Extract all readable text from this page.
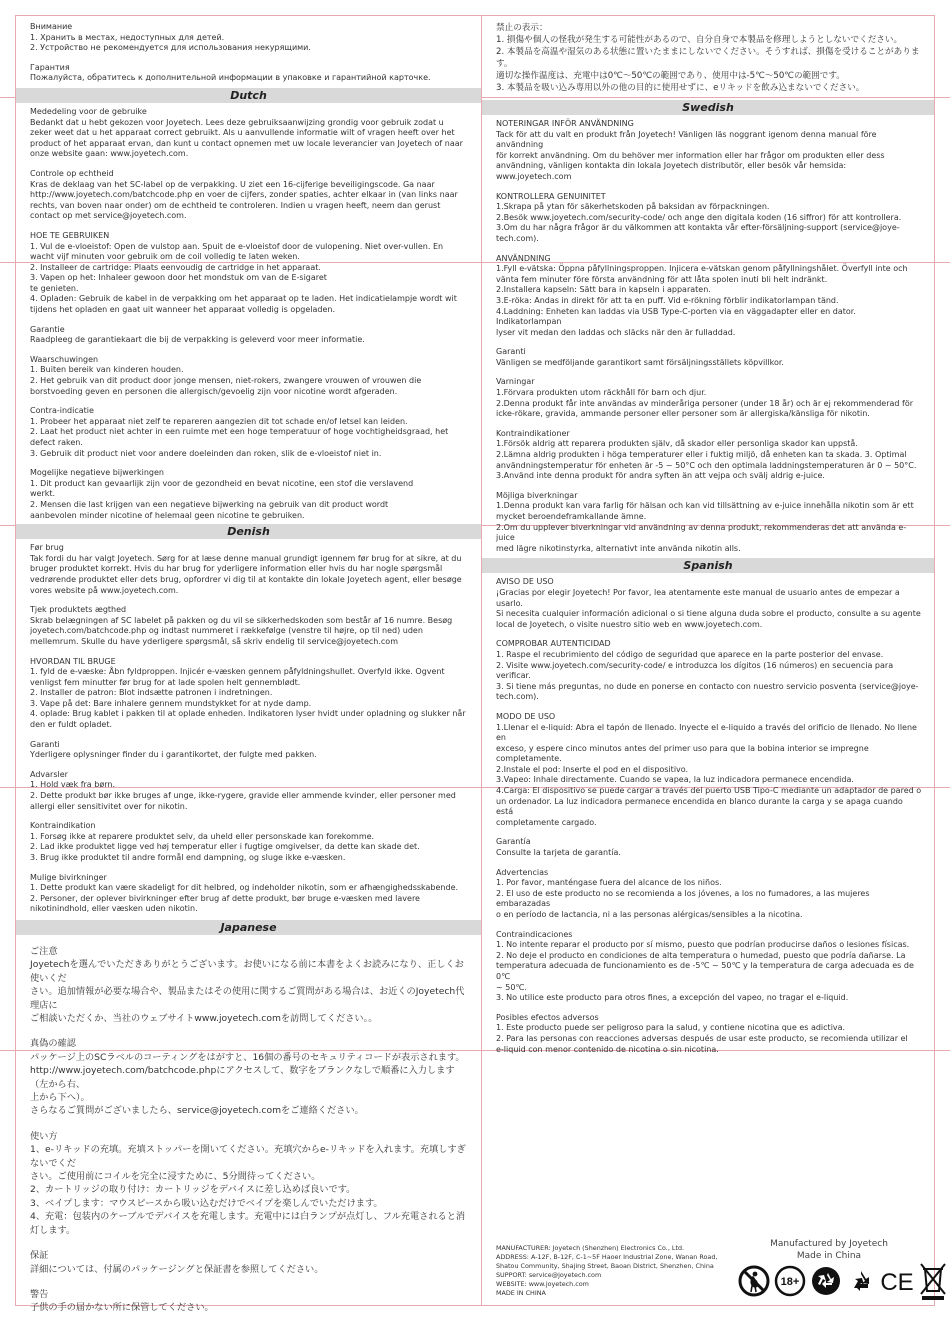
Внимание
1. Хранить в местах, недоступных для детей.
2. Устройство не рекомендуется для использования некурящими.
Гарантия
Пожалуйста, обратитесь к дополнительной информации в упаковке и гарантийной карточке.
Dutch
Mededeling voor de gebruike
Bedankt dat u hebt gekozen voor Joyetech. Lees deze gebruiksaanwijzing grondig voor gebruik zodat u
zeker weet dat u het apparaat correct gebruikt. Als u aanvullende informatie wilt of vragen heeft over het
product of het apparaat ervan, dan kunt u contact opnemen met uw locale leverancier van Joyetech of naar
onze website gaan: www.joyetech.com.
Controle op echtheid
Kras de deklaag van het SC-label op de verpakking. U ziet een 16-cijferige beveiligingscode. Ga naar
http://www.joyetech.com/batchcode.php en voer de cijfers, zonder spaties, achter elkaar in (van links naar
rechts, van boven naar onder) om de echtheid te controleren. Indien u vragen heeft, neem dan gerust
contact op met service@joyetech.com.
HOE TE GEBRUIKEN
1. Vul de e-vloeistof: Open de vulstop aan. Spuit de e-vloeistof door de vulopening. Niet over-vullen. En
wacht vijf minuten voor gebruik om de coil volledig te laten weken.
2. Installeer de cartridge: Plaats eenvoudig de cartridge in het apparaat.
3. Vapen op het: Inhaleer gewoon door het mondstuk om van de E-sigaret
te genieten.
4. Opladen: Gebruik de kabel in de verpakking om het apparaat op te laden. Het indicatielampje wordt wit
tijdens het opladen en gaat uit wanneer het apparaat volledig is opgeladen.
Garantie
Raadpleeg de garantiekaart die bij de verpakking is geleverd voor meer informatie.
Waarschuwingen
1. Buiten bereik van kinderen houden.
2. Het gebruik van dit product door jonge mensen, niet-rokers, zwangere vrouwen of vrouwen die
borstvoeding geven en personen die allergisch/gevoelig zijn voor nicotine wordt afgeraden.
Contra-indicatie
1. Probeer het apparaat niet zelf te repareren aangezien dit tot schade en/of letsel kan leiden.
2. Laat het product niet achter in een ruimte met een hoge temperatuur of hoge vochtigheidsgraad, het
defect raken.
3. Gebruik dit product niet voor andere doeleinden dan roken, slik de e-vloeistof niet in.
Mogelijke negatieve bijwerkingen
1. Dit product kan gevaarlijk zijn voor de gezondheid en bevat nicotine, een stof die verslavend
werkt.
2. Mensen die last krijgen van een negatieve bijwerking na gebruik van dit product wordt
aanbevolen minder nicotine of helemaal geen nicotine te gebruiken.
Denish
Før brug
Tak fordi du har valgt Joyetech. Sørg for at læse denne manual grundigt igennem før brug for at sikre, at du
bruger produktet korrekt. Hvis du har brug for yderligere information eller hvis du har nogle spørgsmål
vedrørende produktet eller dets brug, opfordrer vi dig til at kontakte din lokale Joyetech agent, eller besøge
vores website på www.joyetech.com.
Tjek produktets ægthed
Skrab belægningen af SC labelet på pakken og du vil se sikkerhedskoden som består af 16 numre. Besøg
joyetech.com/batchcode.php og indtast nummeret i rækkefølge (venstre til højre, op til ned) uden
mellemrum. Skulle du have yderligere spørgsmål, så skriv endelig til service@joyetech.com
HVORDAN TIL BRUGE
1. fyld de e-væske: Åbn fyldproppen. Injicér e-væsken gennem påfyldningshullet. Overfyld ikke. Ogvent
venligst fem minutter før brug for at lade spolen helt gennemblødt.
2. Installer de patron: Blot indsætte patronen i indretningen.
3. Vape på det: Bare inhalere gennem mundstykket for at nyde damp.
4. oplade: Brug kablet i pakken til at oplade enheden. Indikatoren lyser hvidt under opladning og slukker når
den er fuldt opladet.
Garanti
Yderligere oplysninger finder du i garantikortet, der fulgte med pakken.
Advarsler
1. Hold væk fra børn.
2. Dette produkt bør ikke bruges af unge, ikke-rygere, gravide eller ammende kvinder, eller personer med
allergi eller sensitivitet over for nikotin.
Kontraindikation
1. Forsøg ikke at reparere produktet selv, da uheld eller personskade kan forekomme.
2. Lad ikke produktet ligge ved høj temperatur eller i fugtige omgivelser, da dette kan skade det.
3. Brug ikke produktet til andre formål end dampning, og sluge ikke e-væsken.
Mulige bivirkninger
1. Dette produkt kan være skadeligt for dit helbred, og indeholder nikotin, som er afhængighedsskabende.
2. Personer, der oplever bivirkninger efter brug af dette produkt, bør bruge e-væsken med lavere
nikotinindhold, eller væsken uden nikotin.
Japanese
ご注意
Joyetechを選んでいただきありがとうございます。お使いになる前に本書をよくお読みになり、正しくお使いくだ
さい。追加情報が必要な場合や、製品またはその使用に関するご質問がある場合は、お近くのJoyetech代理店に
ご相談いただくか、当社のウェブサイトwww.joyetech.comを訪問してください。。
真偽の確認
パッケージ上のSCラベルのコーティングをはがすと、16個の番号のセキュリティコードが表示されます。
http://www.joyetech.com/batchcode.phpにアクセスして、数字をブランクなしで順番に入力します（左から右、
上から下へ）。
さらなるご質問がございましたら、service@joyetech.comをご連絡ください。
使い方
1、e-リキッドの充填。充填ストッパーを開いてください。充填穴からe-リキッドを入れます。充填しすぎないでくだ
さい。ご使用前にコイルを完全に浸すために、5分間待ってください。
2、カートリッジの取り付け：カートリッジをデバイスに差し込めば良いです。
3、ベイプします：マウスピースから吸い込むだけでベイプを楽しんでいただけます。
4、充電：包装内のケーブルでデバイスを充電します。充電中には白ランプが点灯し、フル充電されると消灯します。
保証
詳細については、付属のパッケージングと保証書を参照してください。
警告
子供の手の届かない所に保管してください。
禁止の表示：
1. 損傷や個人の怪我が発生する可能性があるので、自分自身で本製品を修理しようとしないでください。
2. 本製品を高温や湿気のある状態に置いたままにしないでください。そうすれば、損傷を受けることがあります。
適切な操作温度は、充電中は0℃～50℃の範囲であり、使用中は-5℃～50℃の範囲です。
3. 本製品を吸い込み専用以外の他の目的に使用せずに、eリキッドを飲み込まないでください。
Swedish
NOTERINGAR INFÖR ANVÄNDNING
Tack för att du valt en produkt från Joyetech! Vänligen läs noggrant igenom denna manual före användning
för korrekt användning. Om du behöver mer information eller har frågor om produkten eller dess
användning, vänligen kontakta din lokala Joyetech distributör, eller besök vår hemsida: www.joyetech.com
KONTROLLERA GENUINITET
1.Skrapa på ytan för säkerhetskoden på baksidan av förpackningen.
2.Besök www.joyetech.com/security-code/ och ange den digitala koden (16 siffror) för att kontrollera.
3.Om du har några frågor är du välkommen att kontakta vår efter-försäljning-support (service@joye-
tech.com).
ANVÄNDNING
1.Fyll e-vätska: Öppna påfyllningsproppen. Injicera e-vätskan genom påfyllningshålet. Överfyll inte och
vänta fem minuter före första användning för att låta spolen inuti bli helt indränkt.
2.Installera kapseln: Sätt bara in kapseln i apparaten.
3.E-röka: Andas in direkt för att ta en puff. Vid e-rökning förblir indikatorlampan tänd.
4.Laddning: Enheten kan laddas via USB Type-C-porten via en väggadapter eller en dator. Indikatorlampan
lyser vit medan den laddas och släcks när den är fulladdad.
Garanti
Vänligen se medföljande garantikort samt försäljningsställets köpvillkor.
Varningar
1.Förvara produkten utom räckhåll för barn och djur.
2.Denna produkt får inte användas av minderåriga personer (under 18 år) och är ej rekommenderad för
icke-rökare, gravida, ammande personer eller personer som är allergiska/känsliga för nikotin.
Kontraindikationer
1.Försök aldrig att reparera produkten själv, då skador eller personliga skador kan uppstå.
2.Lämna aldrig produkten i höga temperaturer eller i fuktig miljö, då enheten kan ta skada. 3. Optimal
användningstemperatur för enheten är -5 ~ 50°C och den optimala laddningstemperaturen är 0 ~ 50°C.
3.Använd inte denna produkt för andra syften än att vejpa och svälj aldrig e-juice.
Möjliga biverkningar
1.Denna produkt kan vara farlig för hälsan och kan vid tillsättning av e-juice innehålla nikotin som är ett
mycket beroendeframkallande ämne.
2.Om du upplever biverkningar vid användning av denna produkt, rekommenderas det att använda e-juice
med lägre nikotinstyrka, alternativt inte använda nikotin alls.
Spanish
AVISO DE USO
¡Gracias por elegir Joyetech! Por favor, lea atentamente este manual de usuario antes de empezar a usarlo.
Si necesita cualquier información adicional o si tiene alguna duda sobre el producto, consulte a su agente
local de Joyetech, o visite nuestro sitio web en www.joyetech.com.
COMPROBAR AUTENTICIDAD
1. Raspe el recubrimiento del código de seguridad que aparece en la parte posterior del envase.
2. Visite www.joyetech.com/security-code/ e introduzca los dígitos (16 números) en secuencia para verificar.
3. Si tiene más preguntas, no dude en ponerse en contacto con nuestro servicio posventa (service@joye-
tech.com).
MODO DE USO
1.Llenar el e-liquid: Abra el tapón de llenado. Inyecte el e-liquido a través del orificio de llenado. No llene en
exceso, y espere cinco minutos antes del primer uso para que la bobina interior se impregne
completamente.
2.Instale el pod: Inserte el pod en el dispositivo.
3.Vapeo: Inhale directamente. Cuando se vapea, la luz indicadora permanece encendida.
4.Carga: El dispositivo se puede cargar a través del puerto USB Tipo-C mediante un adaptador de pared o
un ordenador. La luz indicadora permanece encendida en blanco durante la carga y se apaga cuando está
completamente cargado.
Garantía
Consulte la tarjeta de garantía.
Advertencias
1. Por favor, manténgase fuera del alcance de los niños.
2. El uso de este producto no se recomienda a los jóvenes, a los no fumadores, a las mujeres embarazadas
o en período de lactancia, ni a las personas alérgicas/sensibles a la nicotina.
Contraindicaciones
1. No intente reparar el producto por sí mismo, puesto que podrían producirse daños o lesiones físicas.
2. No deje el producto en condiciones de alta temperatura o humedad, puesto que podría dañarse. La
temperatura adecuada de funcionamiento es de -5℃ ~ 50℃ y la temperatura de carga adecuada es de 0℃
~ 50℃.
3. No utilice este producto para otros fines, a excepción del vapeo, no tragar el e-liquid.
Posibles efectos adversos
1. Este producto puede ser peligroso para la salud, y contiene nicotina que es adictiva.
2. Para las personas con reacciones adversas después de usar este producto, se recomienda utilizar el
e-liquid con menor contenido de nicotina o sin nicotina.
MANUFACTURER: Joyetech (Shenzhen) Electronics Co., Ltd.
ADDRESS: A-12F, B-12F, C-1~5F Haoer Industrial Zone, Wanan Road,
Shatou Community, Shajing Street, Baoan District, Shenzhen, China
SUPPORT: service@joyetech.com
WEBSITE: www.joyetech.com
MADE IN CHINA
Manufactured by Joyetech
Made in China
18+	CE
